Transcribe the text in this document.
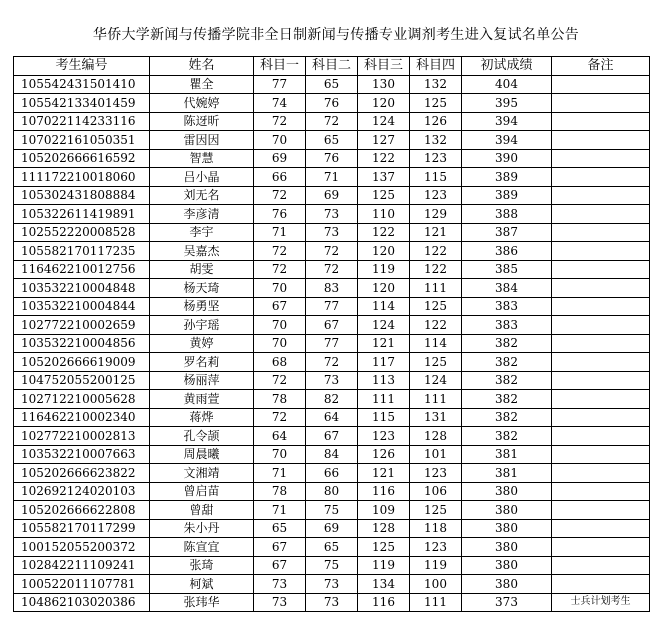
华侨大学新闻与传播学院非全日制新闻与传播专业调剂考生进入复试名单公告
考生编号	姓名	科目一	科目二	科目三	科目四	初试成绩	备注
105542431501410	瞿全	77	65	130	132	404	
105542133401459	代婉婷	74	76	120	125	395	
107022114233116	陈迓昕	72	72	124	126	394	
107022161050351	雷因因	70	65	127	132	394	
105202666616592	智慧	69	76	122	123	390	
111172210018060	吕小晶	66	71	137	115	389	
105302431808884	刘无名	72	69	125	123	389	
105322611419891	李彦清	76	73	110	129	388	
102552220008528	李宇	71	73	122	121	387	
105582170117235	吴嘉杰	72	72	120	122	386	
116462210012756	胡雯	72	72	119	122	385	
103532210004848	杨天琦	70	83	120	111	384	
103532210004844	杨勇坚	67	77	114	125	383	
102772210002659	孙宇瑶	70	67	124	122	383	
103532210004856	黄婷	70	77	121	114	382	
105202666619009	罗名莉	68	72	117	125	382	
104752055200125	杨丽萍	72	73	113	124	382	
102712210005628	黄雨萱	78	82	111	111	382	
116462210002340	蒋烨	72	64	115	131	382	
102772210002813	孔令颉	64	67	123	128	382	
103532210007663	周晨曦	70	84	126	101	381	
105202666623822	文湘靖	71	66	121	123	381	
102692124020103	曾启苗	78	80	116	106	380	
105202666622808	曾甜	71	75	109	125	380	
105582170117299	朱小丹	65	69	128	118	380	
100152055200372	陈宣宜	67	65	125	123	380	
102842211109241	张琦	67	75	119	119	380	
100522011107781	柯斌	73	73	134	100	380	
104862103020386	张玮华	73	73	116	111	373	士兵计划考生
